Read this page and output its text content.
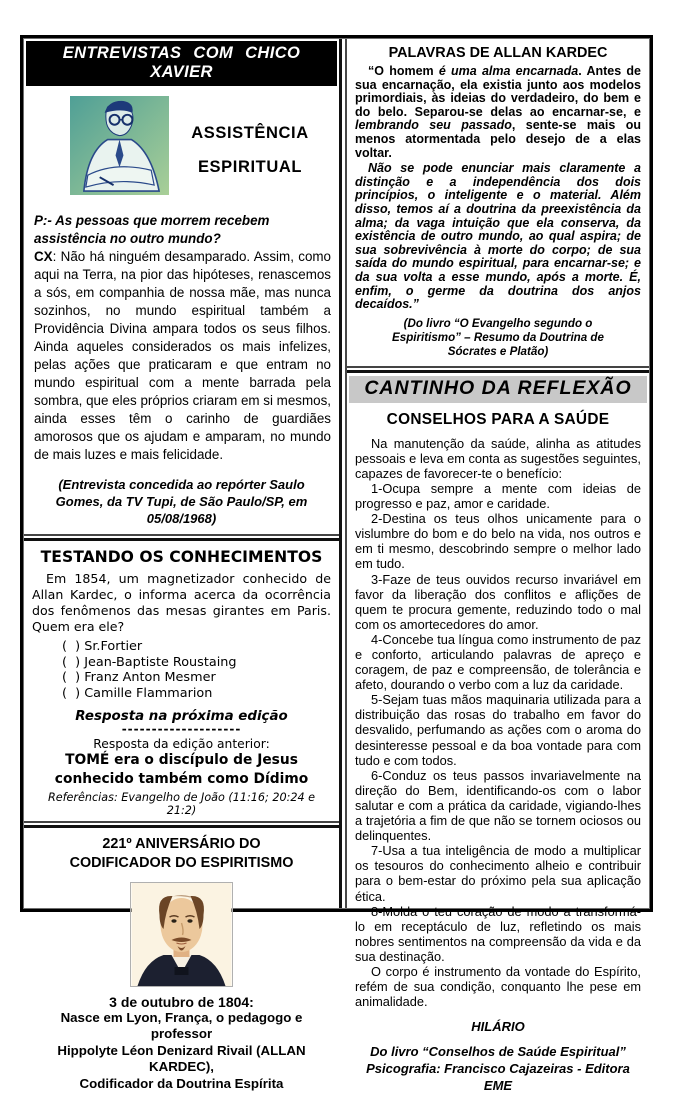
ENTREVISTAS COM CHICO XAVIER
ASSISTÊNCIA
ESPIRITUAL
P:- As pessoas que morrem recebem assistência no outro mundo?
CX: Não há ninguém desamparado. Assim, como aqui na Terra, na pior das hipóteses, renascemos a sós, em companhia de nossa mãe, mas nunca sozinhos, no mundo espiritual também a Providência Divina ampara todos os seus filhos. Ainda aqueles considerados os mais infelizes, pelas ações que praticaram e que entram no mundo espiritual com a mente barrada pela sombra, que eles próprios criaram em si mesmos, ainda esses têm o carinho de guardiães amorosos que os ajudam e amparam, no mundo de mais luzes e mais felicidade.
(Entrevista concedida ao repórter Saulo Gomes, da TV Tupi, de São Paulo/SP, em 05/08/1968)
TESTANDO OS CONHECIMENTOS
Em 1854, um magnetizador conhecido de Allan Kardec, o informa acerca da ocorrência dos fenômenos das mesas girantes em Paris. Quem era ele?
(  ) Sr.Fortier
(  ) Jean-Baptiste Roustaing
(  ) Franz Anton Mesmer
(  ) Camille Flammarion
Resposta na próxima edição
--------------------
Resposta da edição anterior:
TOMÉ era o discípulo de Jesus conhecido também como Dídimo
Referências: Evangelho de João (11:16; 20:24 e 21:2)
221º ANIVERSÁRIO DO
CODIFICADOR DO ESPIRITISMO
3 de outubro de 1804:
Nasce em Lyon, França, o pedagogo e professor
Hippolyte Léon Denizard Rivail (ALLAN KARDEC),
Codificador da Doutrina Espírita
PALAVRAS DE ALLAN KARDEC

“O homem é uma alma encarnada. Antes de sua encarnação, ela existia junto aos modelos primordiais, às ideias do verdadeiro, do bem e do belo. Separou-se delas ao encarnar-se, e lembrando seu passado, sente-se mais ou menos atormentada pelo desejo de a elas voltar.

Não se pode enunciar mais claramente a distinção e a independência dos dois princípios, o inteligente e o material. Além disso, temos aí a doutrina da preexistência da alma; da vaga intuição que ela conserva, da existência de outro mundo, ao qual aspira; de sua sobrevivência à morte do corpo; de sua saída do mundo espiritual, para encarnar-se; e da sua volta a esse mundo, após a morte. É, enfim, o germe da doutrina dos anjos decaídos.”

(Do livro “O Evangelho segundo o Espiritismo” – Resumo da Doutrina de Sócrates e Platão)
CANTINHO DA REFLEXÃO
CONSELHOS PARA A SAÚDE

Na manutenção da saúde, alinha as atitudes pessoais e leva em conta as sugestões seguintes, capazes de favorecer-te o benefício:

1-Ocupa sempre a mente com ideias de progresso e paz, amor e caridade.

2-Destina os teus olhos unicamente para o vislumbre do bom e do belo na vida, nos outros e em ti mesmo, descobrindo sempre o melhor lado em tudo.

3-Faze de teus ouvidos recurso invariável em favor da liberação dos conflitos e aflições de quem te procura gemente, reduzindo todo o mal com os amortecedores do amor.

4-Concebe tua língua como instrumento de paz e conforto, articulando palavras de apreço e coragem, de paz e compreensão, de tolerância e afeto, dourando o verbo com a luz da caridade.

5-Sejam tuas mãos maquinaria utilizada para a distribuição das rosas do trabalho em favor do desvalido, perfumando as ações com o aroma do desinteresse pessoal e da boa vontade para com tudo e com todos.

6-Conduz os teus passos invariavelmente na direção do Bem, identificando-os com o labor salutar e com a prática da caridade, vigiando-lhes a trajetória a fim de que não se tornem ociosos ou delinquentes.

7-Usa a tua inteligência de modo a multiplicar os tesouros do conhecimento alheio e contribuir para o bem-estar do próximo pela sua aplicação ética.

8-Molda o teu coração de modo a transformá-lo em receptáculo de luz, refletindo os mais nobres sentimentos na compreensão da vida e da sua destinação.

O corpo é instrumento da vontade do Espírito, refém de sua condição, conquanto lhe pese em animalidade.

HILÁRIO
Do livro “Conselhos de Saúde Espiritual”
Psicografia: Francisco Cajazeiras - Editora EME
